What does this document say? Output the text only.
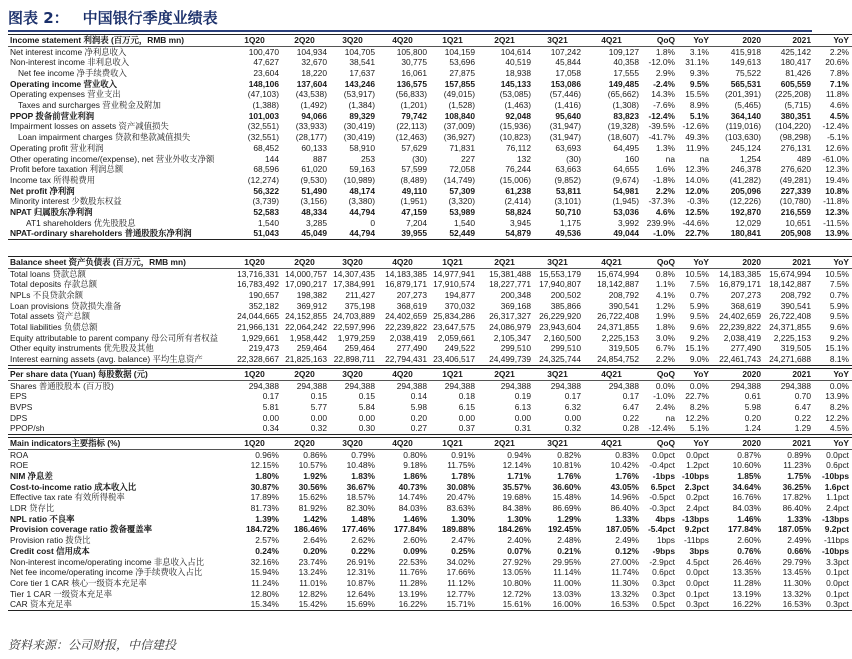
图表 2： 中国银行季度业绩表
Income statement 利润表 (百万元，RMB mn)	1Q20	2Q20	3Q20	4Q20	1Q21	2Q21	3Q21	4Q21	QoQ	YoY	2020	2021	YoY
Net interest income 净利息收入	100,470	104,934	104,705	105,800	104,159	104,614	107,242	109,127	1.8%	3.1%	415,918	425,142	2.2%
Non-interest income 非利息收入	47,627	32,670	38,541	30,775	53,696	40,519	45,844	40,358	-12.0%	31.1%	149,613	180,417	20.6%
Net fee income 净手续费收入	23,604	18,220	17,637	16,061	27,875	18,938	17,058	17,555	2.9%	9.3%	75,522	81,426	7.8%
Operating income 营业收入	148,106	137,604	143,246	136,575	157,855	145,133	153,086	149,485	-2.4%	9.5%	565,531	605,559	7.1%
Operating expenses 营业支出	(47,103)	(43,538)	(53,917)	(56,833)	(49,015)	(53,085)	(57,446)	(65,662)	14.3%	15.5%	(201,391)	(225,208)	11.8%
Taxes and surcharges 营业税金及附加	(1,388)	(1,492)	(1,384)	(1,201)	(1,528)	(1,463)	(1,416)	(1,308)	-7.6%	8.9%	(5,465)	(5,715)	4.6%
PPOP 拨备前营业利润	101,003	94,066	89,329	79,742	108,840	92,048	95,640	83,823	-12.4%	5.1%	364,140	380,351	4.5%
Impairment losses on assets 资产减值损失	(32,551)	(33,933)	(30,419)	(22,113)	(37,009)	(15,936)	(31,947)	(19,328)	-39.5%	-12.6%	(119,016)	(104,220)	-12.4%
Loan impairment charges 贷款和垫款减值损失	(32,551)	(28,177)	(30,419)	(12,463)	(36,927)	(10,823)	(31,947)	(18,607)	-41.7%	49.3%	(103,630)	(98,298)	-5.1%
Operating profit 营业利润	68,452	60,133	58,910	57,629	71,831	76,112	63,693	64,495	1.3%	11.9%	245,124	276,131	12.6%
Other operating income/(expense), net 营业外收支净额	144	887	253	(30)	227	132	(30)	160	na	na	1,254	489	-61.0%
Profit before taxation 利润总额	68,596	61,020	59,163	57,599	72,058	76,244	63,663	64,655	1.6%	12.3%	246,378	276,620	12.3%
Income tax 所得税费用	(12,274)	(9,530)	(10,989)	(8,489)	(14,749)	(15,006)	(9,852)	(9,674)	-1.8%	14.0%	(41,282)	(49,281)	19.4%
Net profit 净利润	56,322	51,490	48,174	49,110	57,309	61,238	53,811	54,981	2.2%	12.0%	205,096	227,339	10.8%
Minority interest 少数股东权益	(3,739)	(3,156)	(3,380)	(1,951)	(3,320)	(2,414)	(3,101)	(1,945)	-37.3%	-0.3%	(12,226)	(10,780)	-11.8%
NPAT 归属股东净利润	52,583	48,334	44,794	47,159	53,989	58,824	50,710	53,036	4.6%	12.5%	192,870	216,559	12.3%
AT1 shareholders 优先股股息	1,540	3,285	0	7,204	1,540	3,945	1,175	3,992	239.9%	-44.6%	12,029	10,651	-11.5%
NPAT-ordinary shareholders 普通股股东净利润	51,043	45,049	44,794	39,955	52,449	54,879	49,536	49,044	-1.0%	22.7%	180,841	205,908	13.9%
Balance sheet 资产负债表 (百万元，RMB mn)	1Q20	2Q20	3Q20	4Q20	1Q21	2Q21	3Q21	4Q21	QoQ	YoY	2020	2021	YoY
Total loans 贷款总额	13,716,331	14,000,757	14,307,435	14,183,385	14,977,941	15,381,488	15,553,179	15,674,994	0.8%	10.5%	14,183,385	15,674,994	10.5%
Total deposits 存款总额	16,783,492	17,090,217	17,384,991	16,879,171	17,910,574	18,227,771	17,940,807	18,142,887	1.1%	7.5%	16,879,171	18,142,887	7.5%
NPLs 不良贷款余额	190,657	198,382	211,427	207,273	194,877	200,348	200,502	208,792	4.1%	0.7%	207,273	208,792	0.7%
Loan provisions 贷款损失准备	352,182	369,912	375,198	368,619	370,032	369,168	385,866	390,541	1.2%	5.9%	368,619	390,541	5.9%
Total assets 资产总额	24,044,665	24,152,855	24,703,889	24,402,659	25,834,286	26,317,327	26,229,920	26,722,408	1.9%	9.5%	24,402,659	26,722,408	9.5%
Total liabilities 负债总额	21,966,131	22,064,242	22,597,996	22,239,822	23,647,575	24,086,979	23,943,604	24,371,855	1.8%	9.6%	22,239,822	24,371,855	9.6%
Equity attributable to parent company 母公司所有者权益	1,929,661	1,958,442	1,979,259	2,038,419	2,059,661	2,105,347	2,160,500	2,225,153	3.0%	9.2%	2,038,419	2,225,153	9.2%
Other equity instruments 优先股及其他	219,473	259,464	259,464	277,490	249,522	299,510	299,510	319,505	6.7%	15.1%	277,490	319,505	15.1%
Interest earning assets (avg. balance) 平均生息资产	22,328,667	21,825,163	22,898,711	22,794,431	23,406,517	24,499,739	24,325,744	24,854,752	2.2%	9.0%	22,461,743	24,271,688	8.1%
Per share data (Yuan) 每股数据 (元)	1Q20	2Q20	3Q20	4Q20	1Q21	2Q21	3Q21	4Q21	QoQ	YoY	2020	2021	YoY
Shares 普通股股本 (百万股)	294,388	294,388	294,388	294,388	294,388	294,388	294,388	294,388	0.0%	0.0%	294,388	294,388	0.0%
EPS	0.17	0.15	0.15	0.14	0.18	0.19	0.17	0.17	-1.0%	22.7%	0.61	0.70	13.9%
BVPS	5.81	5.77	5.84	5.98	6.15	6.13	6.32	6.47	2.4%	8.2%	5.98	6.47	8.2%
DPS	0.00	0.00	0.00	0.20	0.00	0.00	0.00	0.22	na	12.2%	0.20	0.22	12.2%
PPOP/sh	0.34	0.32	0.30	0.27	0.37	0.31	0.32	0.28	-12.4%	5.1%	1.24	1.29	4.5%
Main indicators主要指标 (%)	1Q20	2Q20	3Q20	4Q20	1Q21	2Q21	3Q21	4Q21	QoQ	YoY	2020	2021	YoY
ROA	0.96%	0.86%	0.79%	0.80%	0.91%	0.94%	0.82%	0.83%	0.0pct	0.0pct	0.87%	0.89%	0.0pct
ROE	12.15%	10.57%	10.48%	9.18%	11.75%	12.14%	10.81%	10.42%	-0.4pct	1.2pct	10.60%	11.23%	0.6pct
NIM 净息差	1.80%	1.92%	1.83%	1.86%	1.78%	1.71%	1.76%	1.76%	-1bps	-10bps	1.85%	1.75%	-10bps
Cost-to-income ratio 成本收入比	30.87%	30.56%	36.67%	40.73%	30.08%	35.57%	36.60%	43.05%	6.5pct	2.3pct	34.64%	36.25%	1.6pct
Effective tax rate 有效所得税率	17.89%	15.62%	18.57%	14.74%	20.47%	19.68%	15.48%	14.96%	-0.5pct	0.2pct	16.76%	17.82%	1.1pct
LDR 贷存比	81.73%	81.92%	82.30%	84.03%	83.63%	84.38%	86.69%	86.40%	-0.3pct	2.4pct	84.03%	86.40%	2.4pct
NPL ratio 不良率	1.39%	1.42%	1.48%	1.46%	1.30%	1.30%	1.29%	1.33%	4bps	-13bps	1.46%	1.33%	-13bps
Provision coverage ratio 拨备覆盖率	184.72%	186.46%	177.46%	177.84%	189.88%	184.26%	192.45%	187.05%	-5.4pct	9.2pct	177.84%	187.05%	9.2pct
Provision ratio 拨贷比	2.57%	2.64%	2.62%	2.60%	2.47%	2.40%	2.48%	2.49%	1bps	-11bps	2.60%	2.49%	-11bps
Credit cost 信用成本	0.24%	0.20%	0.22%	0.09%	0.25%	0.07%	0.21%	0.12%	-9bps	3bps	0.76%	0.66%	-10bps
Non-interest income/operating income 非息收入占比	32.16%	23.74%	26.91%	22.53%	34.02%	27.92%	29.95%	27.00%	-2.9pct	4.5pct	26.46%	29.79%	3.3pct
Net fee income/operating income 净手续费收入占比	15.94%	13.24%	12.31%	11.76%	17.66%	13.05%	11.14%	11.74%	0.6pct	0.0pct	13.35%	13.45%	0.1pct
Core tier 1 CAR 核心一级资本充足率	11.24%	11.01%	10.87%	11.28%	11.12%	10.80%	11.00%	11.30%	0.3pct	0.0pct	11.28%	11.30%	0.0pct
Tier 1 CAR 一级资本充足率	12.80%	12.82%	12.64%	13.19%	12.77%	12.72%	13.03%	13.32%	0.3pct	0.1pct	13.19%	13.32%	0.1pct
CAR 资本充足率	15.34%	15.42%	15.69%	16.22%	15.71%	15.61%	16.00%	16.53%	0.5pct	0.3pct	16.22%	16.53%	0.3pct
资料来源：公司财报，中信建投
